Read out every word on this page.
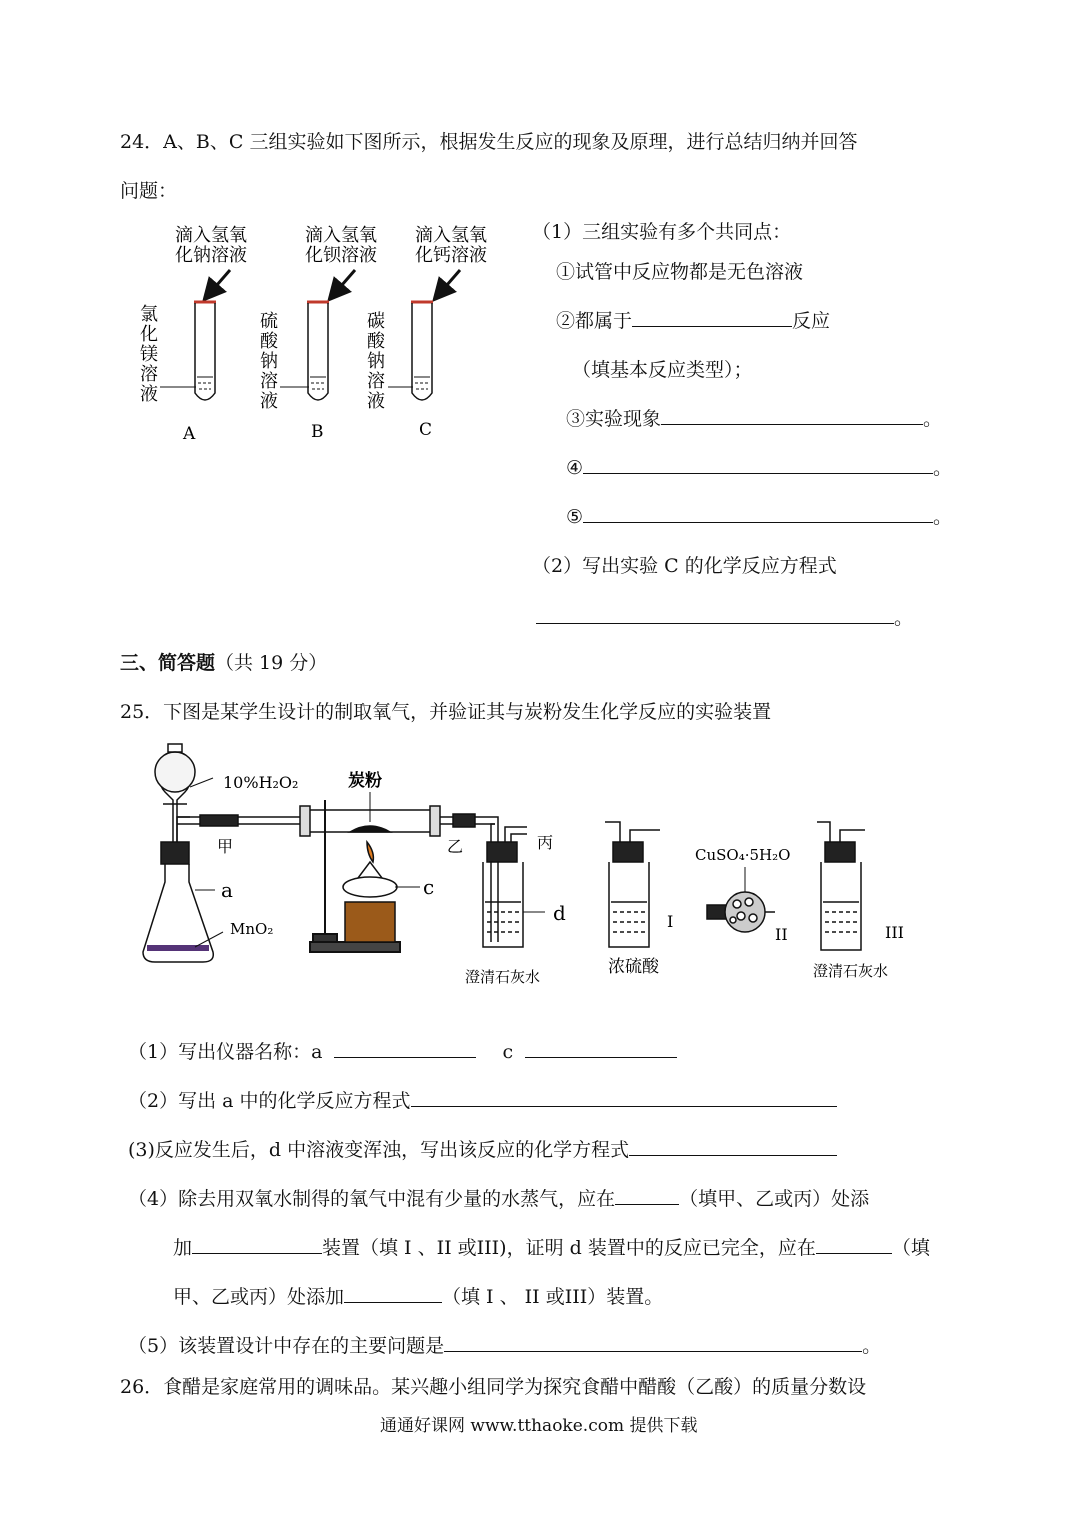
24．A、B、C 三组实验如下图所示，根据发生反应的现象及原理，进行总结归纳并回答
问题：
滴入氢氧
化钠溶液
滴入氢氧
化钡溶液
滴入氢氧
化钙溶液
氯
化
镁
溶
液
硫
酸
钠
溶
液
碳
酸
钠
溶
液
A	B	C
（1）三组实验有多个共同点：
①试管中反应物都是无色溶液
②都属于	反应
（填基本反应类型）；
③实验现象	。
④	。
⑤	。
（2）写出实验 C 的化学反应方程式
。
三、简答题（共 19 分）
25．下图是某学生设计的制取氧气，并验证其与炭粉发生化学反应的实验装置
10%H₂O₂
a
MnO₂
甲
炭粉
c
乙	丙
d
澄清石灰水
I
浓硫酸
CuSO₄·5H₂O
II	III
澄清石灰水
（1）写出仪器名称：a	c
（2）写出 a 中的化学反应方程式
(3)反应发生后，d 中溶液变浑浊，写出该反应的化学方程式
（4）除去用双氧水制得的氧气中混有少量的水蒸气，应在	（填甲、乙或丙）处添
加	装置（填 I 、II 或III)，证明 d 装置中的反应已完全，应在	（填
甲、乙或丙）处添加	（填 I 、 II 或III）装置。
（5）该装置设计中存在的主要问题是	。
26．食醋是家庭常用的调味品。某兴趣小组同学为探究食醋中醋酸（乙酸）的质量分数设
通通好课网 www.tthaoke.com 提供下载
